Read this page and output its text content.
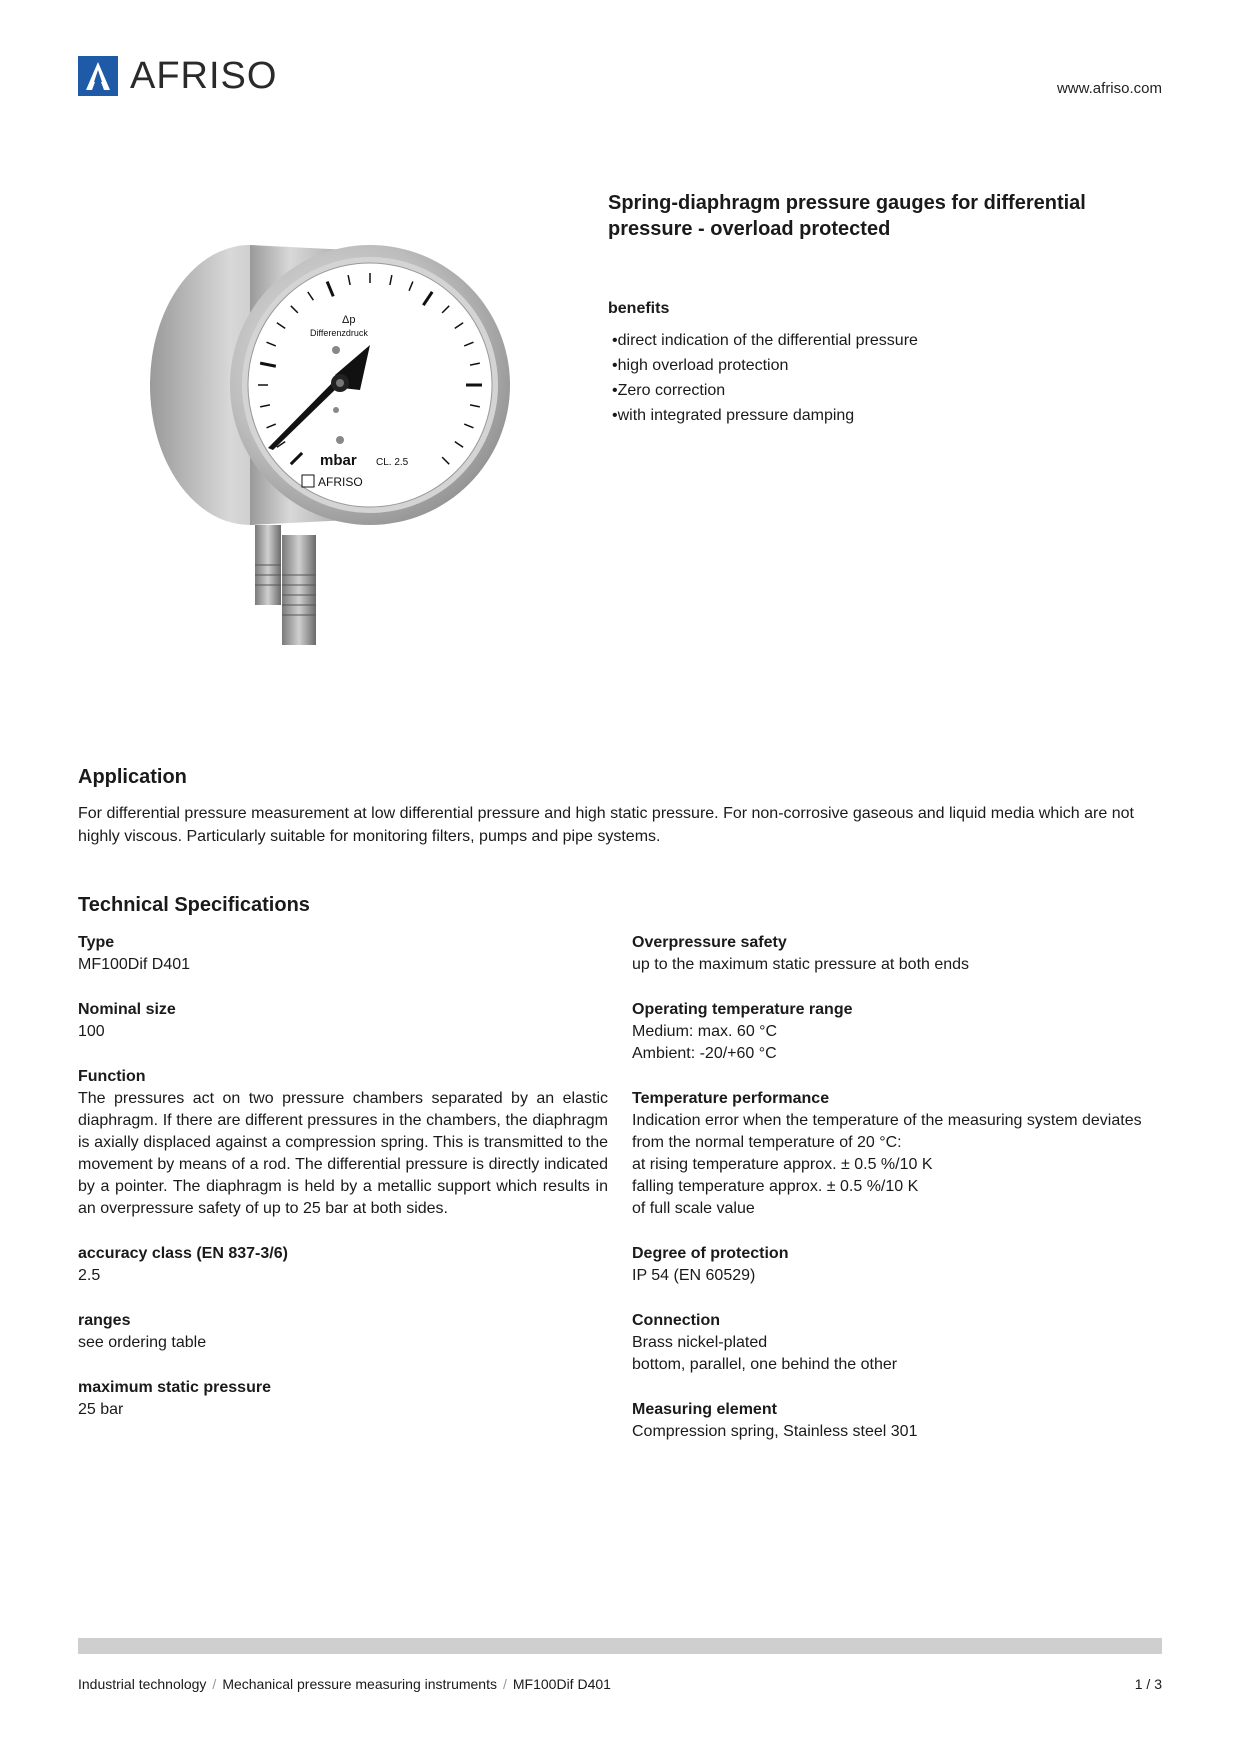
AFRISO	www.afriso.com
Δp
Differenzdruck
mbar CL. 2.5
AFRISO
Spring-diaphragm pressure gauges for differential pressure - overload protected
benefits
• direct indication of the differential pressure
• high overload protection
• Zero correction
• with integrated pressure damping
Application

For differential pressure measurement at low differential pressure and high static pressure. For non-corrosive gaseous and liquid media which are not highly viscous. Particularly suitable for monitoring filters, pumps and pipe systems.

Technical Specifications
Type
MF100Dif D401
Nominal size
100
Function
The pressures act on two pressure chambers separated by an elastic diaphragm. If there are different pressures in the chambers, the diaphragm is axially displaced against a compression spring. This is transmitted to the movement by means of a rod. The differential pressure is directly indicated by a pointer. The diaphragm is held by a metallic support which results in an overpressure safety of up to 25 bar at both sides.
accuracy class (EN 837-3/6)
2.5
ranges
see ordering table
maximum static pressure
25 bar
Overpressure safety
up to the maximum static pressure at both ends
Operating temperature range
Medium: max. 60 °C
Ambient: -20/+60 °C
Temperature performance
Indication error when the temperature of the measuring system deviates from the normal temperature of 20 °C:
at rising temperature approx. ± 0.5 %/10 K
falling temperature approx. ± 0.5 %/10 K
of full scale value
Degree of protection
IP 54 (EN 60529)
Connection
Brass nickel-plated
bottom, parallel, one behind the other
Measuring element
Compression spring, Stainless steel 301
Industrial technology / Mechanical pressure measuring instruments / MF100Dif D401	1 / 3
